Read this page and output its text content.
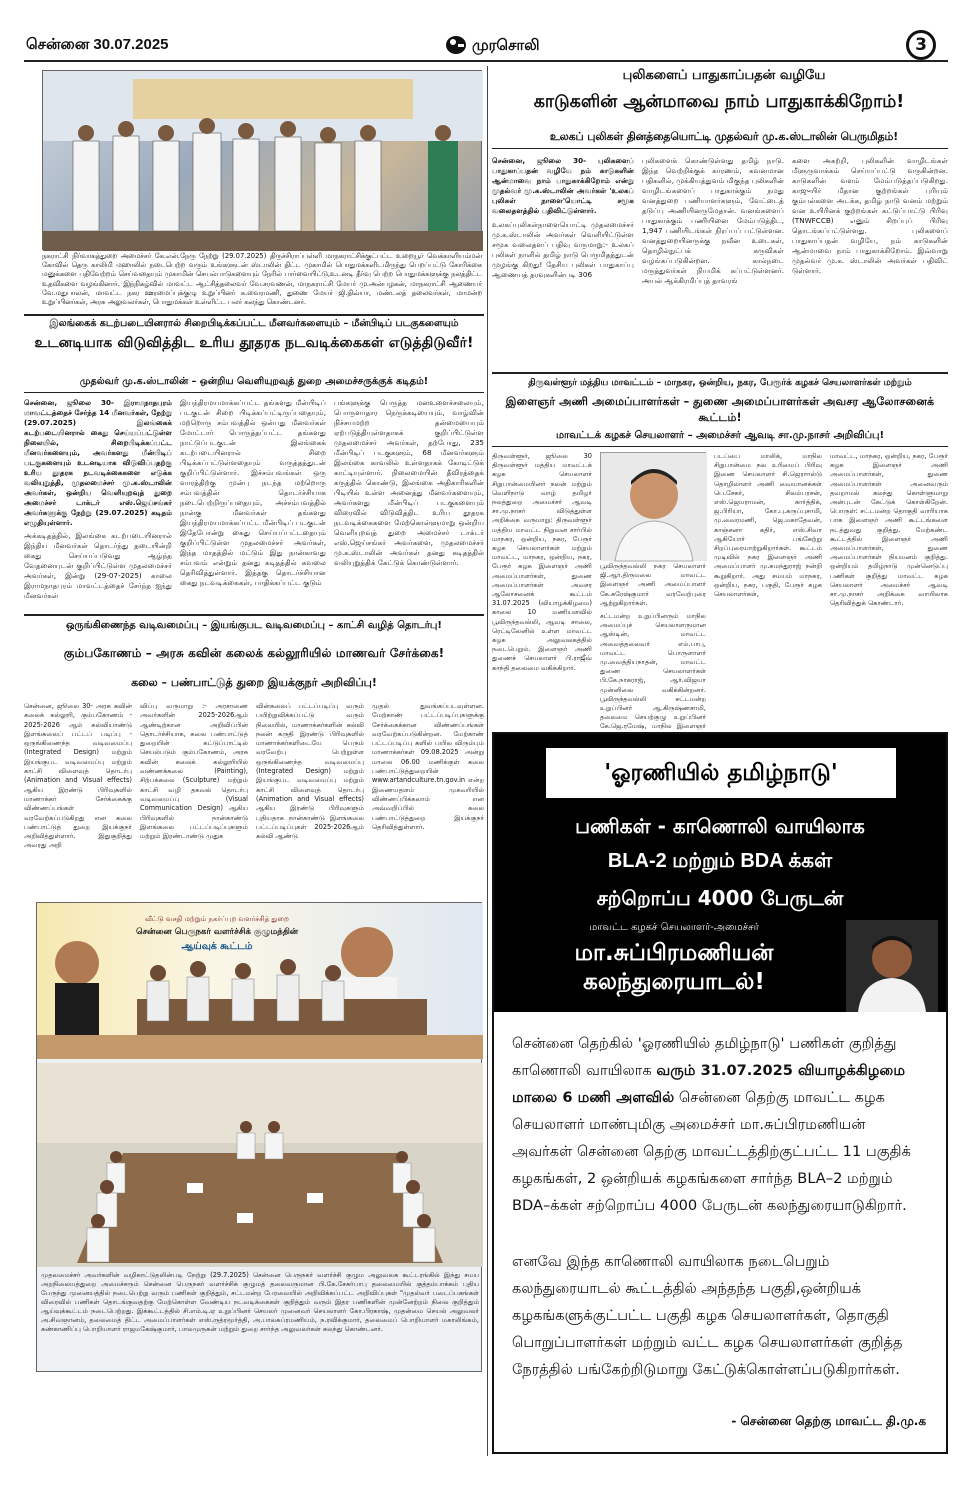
சென்னை 30.07.2025	முரசொலி	3
நகராட்சி நிர்வாகத்துறை அமைச்சர் கே.என்.நேரு நேற்று (29.07.2025) திருச்சிராப்பள்ளி மாநகராட்சிக்குட்பட்ட உறையூர் வெக்காளியம்மன் கோவில் தெரு காலிமி மஹாலில் நடைபெற்ற வரும் உங்களுடன் ஸ்டாலின் திட்ட முகாமில் பொதுமக்களிடமிருந்து பெறப்பட்டு கோரிக்கை மனுக்களை பதிவேற்றம் செய்வதையும் முகாமின் செயல்பாடுகளையும் நேரில் பார்வையிட்டு,உடனடி தீர்வு பெற்ற பொதுமக்களுக்கு நலத்திட்ட உதவிகளை வழங்கினார். இந்நிகழ்வில் மாவட்ட ஆட்சித்தலைவர் வே.சரவணன், மாநகராட்சி மேயர் மு.அன்பழகன், மாநகராட்சி ஆணையர் வே.மதுபாலன், மாவட்ட நகர ஊரமைப்புக்குழு உறுப்பினர் க.வைரமணி, துணை மேயர் ஜி.திவ்யா, மண்டலத் தலைவர்கள், மாமன்ற உறுப்பினர்கள், அரசு அலுவலர்கள், பொதுமக்கள் உள்ளிட்ட பலர் கலந்து கொண்டனர்.
புலிகளைப் பாதுகாப்பதன் வழியே
காடுகளின் ஆன்மாவை நாம் பாதுகாக்கிறோம்!
உலகப் புலிகள் தினத்தையொட்டி முதல்வர் மு.க.ஸ்டாலின் பெருமிதம்!
சென்னை, ஜூலை 30- புலிகளைப் பாதுகாப்பதன் வழியே நம் காடுகளின் ஆன்மாவை நாம் பாதுகாக்கிறோம் என்று முதல்வர் மு.க.ஸ்டாலின் அவர்கள் 'உலகப் புலிகள் நாளை'யொட்டி சமூக வலைதளத்தில் பதிவிட்டுள்ளார்.
உலகப்புலிகள்நாளையொட்டி முதலமைச்சர் மு.க.ஸ்டாலின் அவர்கள் வெளியிட்டுள்ள சமூக வலைதளப் பதிவு வருமாறு:- உலகப் புலிகள் நாளில் தமிழ் நாடு பெருமிதத்துடன் முழங்கு கிறது! தேசிய புலிகள் பாதுகாப்பு ஆணையத் தரவுகளின்படி 306
புலிகளைக் கொண்டுள்ளது தமிழ் நாடு. இந்த வெற்றிக்குக் காரணம், கவனமான பதிகளில், முக்கியத்துவம் மிகுந்த புலிகளின் வாழிடங்களைப் பாதுகாக்கும் நமது வனத்துறை பணியாளர்களும், வேட்டைத் தடுப்பு அணியினருமேதான். வனங்களைப் பாதுகாக்கும் பணியினை மேம்படுத்திட, 1,947 பணியிடங்கள் நிரப்பப் பட்டுள்ளன. வனத்துறையினருக்கு நவீன உடைகள், தொழில்நுட்பக் கருவிகள் வழங்கப்படுகின்றன. கால்நடை மருத்துவர்கள் நியமிக் கப்பட்டுள்ளனர். அயல் ஆக்கிரமிப்புத் தாவரங்
களை அகற்றி, புலிகளின் வாழிடங்கள் மீளுருவாக்கம் செய்யப்பட்டு வருகின்றன. காடுகளின் வளம் மேம்படுத்தப்படுகிறது. காஜுயிர் மீதான குற்றங்கள் புரியும் கும்பல்களை அடக்க, தமிழ் நாடு வனம் மற்றும் வன உயிரினக் குற்றங்கள் கட்டுப்பாட்டு பிரிவு (TNWFCCB) எனும் சிறப்புப் பிரிவு தொடங்கப்பட்டுள்ளது. புலிகளைப் பாதுகாப்பதன் வழியே, நம் காடுகளின் ஆன்மாவை நாம் பாதுகாக்கிறோம். இவ்வாறு முதல்வர் மு.க. ஸ்டாலின் அவர்கள் பதிவிட் டுள்ளார்.
இலங்கைக் கடற்படையினரால் சிறைபிடிக்கப்பட்ட மீனவர்களையும் – மீன்பிடிப் படகுகளையும்
உடனடியாக விடுவித்திட உரிய தூதரக நடவடிக்கைகள் எடுத்திடுவீர்!
முதல்வர் மு.க.ஸ்டாலின் – ஒன்றிய வெளியுறவுத் துறை அமைச்சருக்குக் கடிதம்!
சென்னை, ஜூலை 30- இராமநாதபுரம் மாவட்டத்தைச் சேர்ந்த 14 மீனவர்கள், நேற்று (29.07.2025) இலங்கைக் கடற்படையினரால் கைது செய்யப்பட்டுள்ள நிலையில், சிறைபிடிக்கப்பட்ட மீனவர்களையும், அவர்களது மீன்பிடிப் படகுகளையும் உடனடியாக விடுவிப்பதற்கு உரிய தூதரக நடவடிக்கைகளை எடுக்க வலியுறுத்தி, முதலமைச்சர் மு.க.ஸ்டாலின் அவர்கள், ஒன்றிய வெளியுறவுத் துறை அமைச்சர் டாக்டர் எஸ்.ஜெய்சங்கர் அவர்களுக்கு நேற்று (29.07.2025) கடிதம் எழுதியுள்ளார்.
அக்கடிதத்தில், இலங்கை கடற்படையினரால் இந்திய மீனவர்கள் தொடர்ந்து தடையின்றி கைது செய்யப்படுவது ஆழ்ந்த வேதனையுடன் குறிப்பிட்டுள்ள முதலமைச்சர் அவர்கள், இன்று (29-07-2025) காலை இராமநாதபுரம் மாவட்டத்தைச் சேர்ந்த ஐந்து மீனவர்கள்
இயந்திரமயமாக்கப்பட்ட தங்களது மீன்பிடிப் படகுடன் சிறை பிடிக்கப்பட்டிருப்பதையும், மற்றொரு சம்பவத்தில் ஒன்பது மீனவர்கள் மோட்டார் பொருத்தப்பட்ட தங்களது நாட்டுப்படகுடன் இலங்கைக் கடற்படையினரால் சிறை பிடிக்கப்பட்டுள்ளதையும் வருத்தத்துடன் குறிப்பிட்டுள்ளார். இச்சம்பவங்கள் ஒரு வாரத்திற்கு முன்பு நடந்த மற்றொரு சம்பவத்தின் தொடர்ச்சியாக நடைபெற்றிருப்பதையும், அச்சம்பவத்தில் நான்கு மீனவர்கள் தங்களது இயந்திரமயமாக்கப்பட்ட மீன்பிடிப் படகுடன் இதேபோன்று கைது செய்யப்பட்டதையும் குறிப்பிட்டுள்ள முதலமைச்சர் அவர்கள், இந்த மாதத்தில் மட்டும் இது நான்காவது சம்பவம் என்றும் தனது கடிதத்தில் கவலை தெரிவித்துள்ளார். இத்தகு தொடர்ச்சியான கைது நடவடிக்கைகள், பாதிக்கப்பட்ட குடும்
பங்களுக்கு பெருத்த மனஉளைச்சலையும், பொருளாதார நெருக்கடியையும், வாழ்வின் நிச்சயமற்ற தன்மையையும் ஏற்படுத்தியுள்ளதாகக் குறிப்பிட்டுள்ள முதலமைச்சர் அவர்கள், தற்போது, 235 மீன்பிடிப் படகுகளும், 68 மீனவர்களும் இலங்கை காவலில் உள்ளதாகக் கோடிட்டுக் காட்டியுள்ளார். நிலைமையின் தீவிரத்தைக் கருத்தில் கொண்டு, இலங்கை அதிகாரிகளின் பிடியில் உள்ள அனைத்து மீனவர்களையும், அவர்களது மீன்பிடிப் படகுகளையும் விரைவில் விடுவித்திட உரிய தூதரக நடவடிக்கைகளை மேற்கொள்ளுமாறு ஒன்றிய வெளியுறவுத் துறை அமைச்சர் டாக்டர் எஸ்.ஜெய்சங்கர் அவர்களை, முதலமைச்சர் மு.க.ஸ்டாலின் அவர்கள் தனது கடிதத்தில் வலியுறுத்திக் கேட்டுக் கொண்டுள்ளார்.
திருவள்ளூர் மத்திய மாவட்டம் – மாநகர, ஒன்றிய, நகர, பேரூர்க் கழகச் செயலாளர்கள் மற்றும்
இளைஞர் அணி அமைப்பாளர்கள் – துணை அமைப்பாளர்கள் அவசர ஆலோசனைக் கூட்டம்!
மாவட்டக் கழகச் செயலாளர் – அமைச்சர் ஆவடி சா.மு.நாசர் அறிவிப்பு!
திருவள்ளூர், ஜூலை 30 திருவள்ளூர் மத்திய மாவட்டக் கழக செயலாளர் சிறுபான்மையினர் நலன் மற்றும் வெளிநாடு வாழ் தமிழர் நலத்துறை அமைச்சர் ஆவடி சா.மு.நாசர் விடுத்துள்ள அறிக்கை வருமாறு: திருவள்ளூர் மத்திய மாவட்ட நிறுவன சார்பில் மாநகர, ஒன்றிய, நகர, பேரூர் கழக செயலாளர்கள் மற்றும் மாவட்ட, மாநகர, ஒன்றிய, நகர, பேரூர் கழக இளைஞர் அணி அமைப்பாளர்கள், துணை அமைப்பாளர்கள் அவசர ஆலோசனைக் கூட்டம் 31.07.2025 (வியாழக்கிழமை) காலை 10 மணியளவில் பூவிருந்தவல்லி, ஆவடி சாலை, ரெட்டிலேனில் உள்ள மாவட்ட கழக அலுவலகத்தில் நடைபெறும். இளைஞர் அணி துணைச் செயலாளர் பி.ராஜீவ் காந்தி தலைமை வகிக்கிறார்.
பூவிருந்தவல்லி நகர செயலாளர் ஜி.ஆர்.திருமலை மாவட்ட இளைஞர் அணி அமைப்பாளர் கே.சுரேஷ்குமார் வரவேற்புரை ஆற்றுகிறார்கள்.
சட்டமன்ற உறுப்பினரும் மாநில அமைப்புச் செயலாளருமான ஆஸ்டின், மாவட்ட அவைத்தலைவர் எம்.பாபு, மாவட்ட பொருளாளர் மு.வைத்தியநாதன், மாவட்ட துணை செயலாளர்கள் பி.கே.நாகராஜ், ஆர்.விஜயா முன்னிலை வகிக்கின்றனர். பூவிருந்தவல்லி சட்டமன்ற உறுப்பினர் ஆ.கிருஷ்ணசாமி, தலைமை செயற்குழு உறுப்பினர் கே.ஜெ.ரமேஷ், மாநில இளைஞர்
படப்பை மாலிக், மாநில சிறுபான்மை நல உரிமைப் பிரிவு இணை செயலாளர் சி.ஜெராால்டு தொழிலாளர் அணி வையானக்கள் பெ.சேகர், சிலம்பரசன், எஸ்.ஜெயராமன், கார்த்திக், ஜ.பிரியா, கோ.பு.கருப்புசாமி, மு.வைரமணி, ஜெ.மகாதேவன், காஞ்சனா கதிர், எஸ்.சிவா ஆகியோர் பங்கேற்று சிறப்புரையாற்றுகிறார்கள். கூட்டம் முடிவில் நகர இளைஞர் அணி அமைப்பாளர் மு.சுமந்துராஜ் நன்றி கூறுகிறார். அது சமயம் மாநகர, ஒன்றிய, நகர, பகுதி, பேரூர் கழக செயலாளர்கள்,
மாவட்ட, மாநகர, ஒன்றிய, நகர, பேரூர் கழக இளைஞர் அணி அமைப்பாளர்கள், துணை அமைப்பாளர்கள் அனைவரும் தவறாமல் கலந்து கொள்ளுமாறு அன்புடன் கேட்டுக் கொள்கிறேன். பொருள்: சட்டமன்ற தொகுதி வாரியாக பாக இளைஞர் அணி கூட்டங்களை நடத்துவது குறித்து. மேற்கண்ட கூட்டத்தில் இளைஞர் அணி அமைப்பாளர்கள், துணை அமைப்பாளர்கள் நியமனம் குறித்து. ஒன்றியம் தமிழ்நாடு முன்னெடுப்பு பணிகள் குறித்து மாவட்ட கழக செயலாளர் அமைச்சர் ஆவடி சா.மு.நாசர் அறிக்கை வாயிலாக தெரிவித்துக் கொண்டார்.
ஒருங்கிணைந்த வடிவமைப்பு – இயங்குபட வடிவமைப்பு – காட்சி வழித் தொடர்பு!
கும்பகோணம் – அரசு கவின் கலைக் கல்லூரியில் மாணவர் சேர்க்கை!
கலை – பண்பாட்டுத் துறை இயக்குநர் அறிவிப்பு!
சென்னை, ஜூலை 30- அரசு கவின் கலைக் கல்லூரி, கும்பகோணம் - 2025-2026 ஆம் கல்வியாண்டு இளங்கலைப் பட்டப் படிப்பு - ஒருங்கிணைந்த வடிவமைப்பு (Integrated Design) மற்றும் இயங்குபட வடிவமைப்பு மற்றும் காட்சி விளைவுத் தொடர்பு (Animation and Visual effects) ஆகிய இரண்டு பிரிவுகளில் மாணாக்கர் சேர்க்கைக்கு விண்ணப்பங்கள் வரவேற்கப்படுகிறது என கலை பண்பாட்டுத் துறை இயக்குநர் அறிவித்துள்ளார். இதுகுறித்து அவரது அறி
விப்பு வருமாறு :- அரசாணை அவர்களின் 2025-2026ஆம் ஆண்டிற்கான அறிவிப்பின் தொடர்ச்சியாக, கலை பண்பாட்டுத் துறையின் கட்டுப்பாட்டில் செயல்படும் கும்பகோணம், அரசு கவின் கலைக் கல்லூரியில் வண்ணக்கலை (Painting), சிற்பக்கலை (Sculpture) மற்றும் காட்சி வழி தகவல் தொடர்பு வடிவமைப்பு (Visual Communication Design) ஆகிய பிரிவுகளில் நான்காண்டு இளங்கலை பட்டப்படிப்புகளும் மற்றும் இரண்டாண்டு முதுக
வின்கலைப் பட்டப்படிப்பு வரும் பயிற்றுவிக்கப்பட்டு வரும் நிலையில், மாணாக்கர்களின் கல்வி நலன் கருதி இரண்டு பிரிவுகளில் மாணாக்கர்களிடையே பெரும் வரவேற்பு பெற்றுள்ள ஒருங்கிணைந்த வடிவமைப்பு (Integrated Design) மற்றும் இயங்குபட வடிவமைப்பு மற்றும் காட்சி விளைவுத் தொடர்பு (Animation and Visual effects) ஆகிய இரண்டு பிரிவுகளும் புதியதாக நான்காண்டு இளங்கலை பட்டப்படிப்புகள் 2025-2026ஆம் கல்வி ஆண்டு
முதல் துவங்கப்படவுள்ளன. மேற்காண் பட்டப்படிப்புகளுக்கு சேர்க்கைக்கான விண்ணப்பங்கள் வரவேற்கப்படுகின்றன. மேற்காண் பட்டப்படிப்பு களில் பயில விரும்பும் மாணாக்கர்கள் 09.08.2025 அன்று மாலை 06.00 மணிக்குள் கலை பண்பாட்டுத்துறையின் www.artandculture.tn.gov.in என்ற இணையதளம் முகவரியில் விண்ணப்பிக்கலாம் என அவ்வறிப்பில் கலை பண்பாட்டுத்துறை இயக்குநர் தெரிவித்துள்ளார்.
வீட்டு வசதி மற்றும் நகர்ப்புற வளர்ச்சித் துறை
சென்னை பெருநகர் வளர்ச்சிக் குழுமத்தின்
ஆய்வுக் கூட்டம்
முதலமைச்சர் அவர்களின் வழிகாட்டுதலின்படி நேற்று (29.7.2025) சென்னை பெருநகர் வளர்ச்சி குழும அலுவலக கூட்டரங்கில் இந்து சமய அறநிலையத்துறை அமைச்சரும் சென்னை பெருநகர் வளர்ச்சிக் குழுமத் தலைவருமான பி.கே.சேகர்பாபு தலைமையில் குத்தம்பாக்கம் புதிய பேருந்து முனையத்தில் நடைபெற்று வரும் பணிகள் குறித்தும், சட்டமன்ற பேரவையில் அறிவிக்கப்பட்ட அறிவிப்புகள் "முதல்வர் படைப்பகங்கள் விரைவில் பணிகள் தொடங்குவதற்கு மேற்கொள்ள வேண்டிய நடவடிக்கைகள் குறித்தும் வரும் இதர பணிகளின் முன்னேற்றம் நிலை குறித்தும் ஆய்வுக்கூட்டம் நடைபெற்றது. இக்கூட்டத்தில் சி.எம்.டி.ஏ உறுப்பினர் செயலர் முனைவர் செயலாளர் கோ.பிரகாஷ், முதன்மை செயல் அலுவலர் அ.சிவஞானம், தலைமைத் திட்ட அமைப்பாளர்கள் எஸ்.ருத்ரமூர்த்தி, அ.பாலசுப்ரமணியம், ந.ரவிக்குமார், தலைமைப் பொறியாளர் மகாலிங்கம், கண்காணிப்பு பொறியாளர் ராஜமகேஷ்குமார், பாலமுருகன் மற்றும் துறை சார்ந்த அலுவலர்கள் கலந்து கொண்டனர்.
'ஓரணியில் தமிழ்நாடு'
பணிகள் - காணொலி வாயிலாக
BLA-2 மற்றும் BDA க்கள்
சற்றொப்ப 4000 பேருடன்
மாவட்ட கழகச் செயலாளர்-அமைச்சர்
மா.சுப்பிரமணியன்
கலந்துரையாடல்!
சென்னை தெற்கில் 'ஓரணியில் தமிழ்நாடு' பணிகள் குறித்து காணொலி வாயிலாக வரும் 31.07.2025 வியாழக்கிழமை மாலை 6 மணி அளவில் சென்னை தெற்கு மாவட்ட கழக செயலாளர் மாண்புமிகு அமைச்சர் மா.சுப்பிரமணியன் அவர்கள் சென்னை தெற்கு மாவட்டத்திற்குட்பட்ட 11 பகுதிக் கழகங்கள், 2 ஒன்றியக் கழகங்களை சார்ந்த BLA–2 மற்றும் BDA–க்கள் சற்றொப்ப 4000 பேருடன் கலந்துரையாடுகிறார்.
எனவே இந்த காணொலி வாயிலாக நடைபெறும் கலந்துரையாடல் கூட்டத்தில் அந்தந்த பகுதி,ஒன்றியக் கழகங்களுக்குட்பட்ட பகுதி கழக செயலாளர்கள், தொகுதி பொறுப்பாளர்கள் மற்றும் வட்ட கழக செயலாளர்கள் குறித்த நேரத்தில் பங்கேற்றிடுமாறு கேட்டுக்கொள்ளப்படுகிறார்கள்.
- சென்னை தெற்கு மாவட்ட தி.மு.க
